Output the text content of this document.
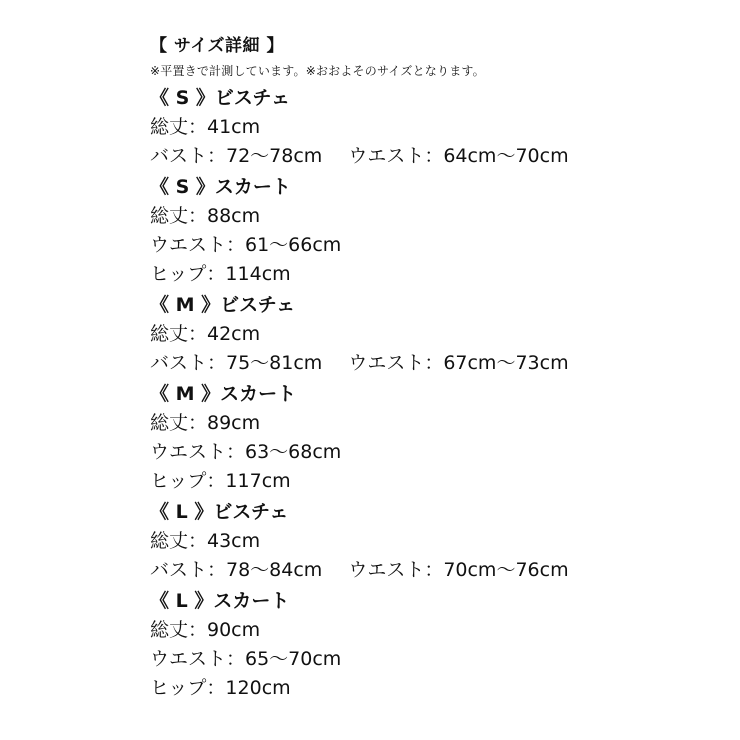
【 サイズ詳細 】
※平置きで計測しています。※おおよそのサイズとなります。
《 S 》ビスチェ
総丈：41cm
バスト：72〜78cm ウエスト：64cm〜70cm
《 S 》スカート
総丈：88cm
ウエスト：61〜66cm
ヒップ：114cm
《 M 》ビスチェ
総丈：42cm
バスト：75〜81cm ウエスト：67cm〜73cm
《 M 》スカート
総丈：89cm
ウエスト：63〜68cm
ヒップ：117cm
《 L 》ビスチェ
総丈：43cm
バスト：78〜84cm ウエスト：70cm〜76cm
《 L 》スカート
総丈：90cm
ウエスト：65〜70cm
ヒップ：120cm
